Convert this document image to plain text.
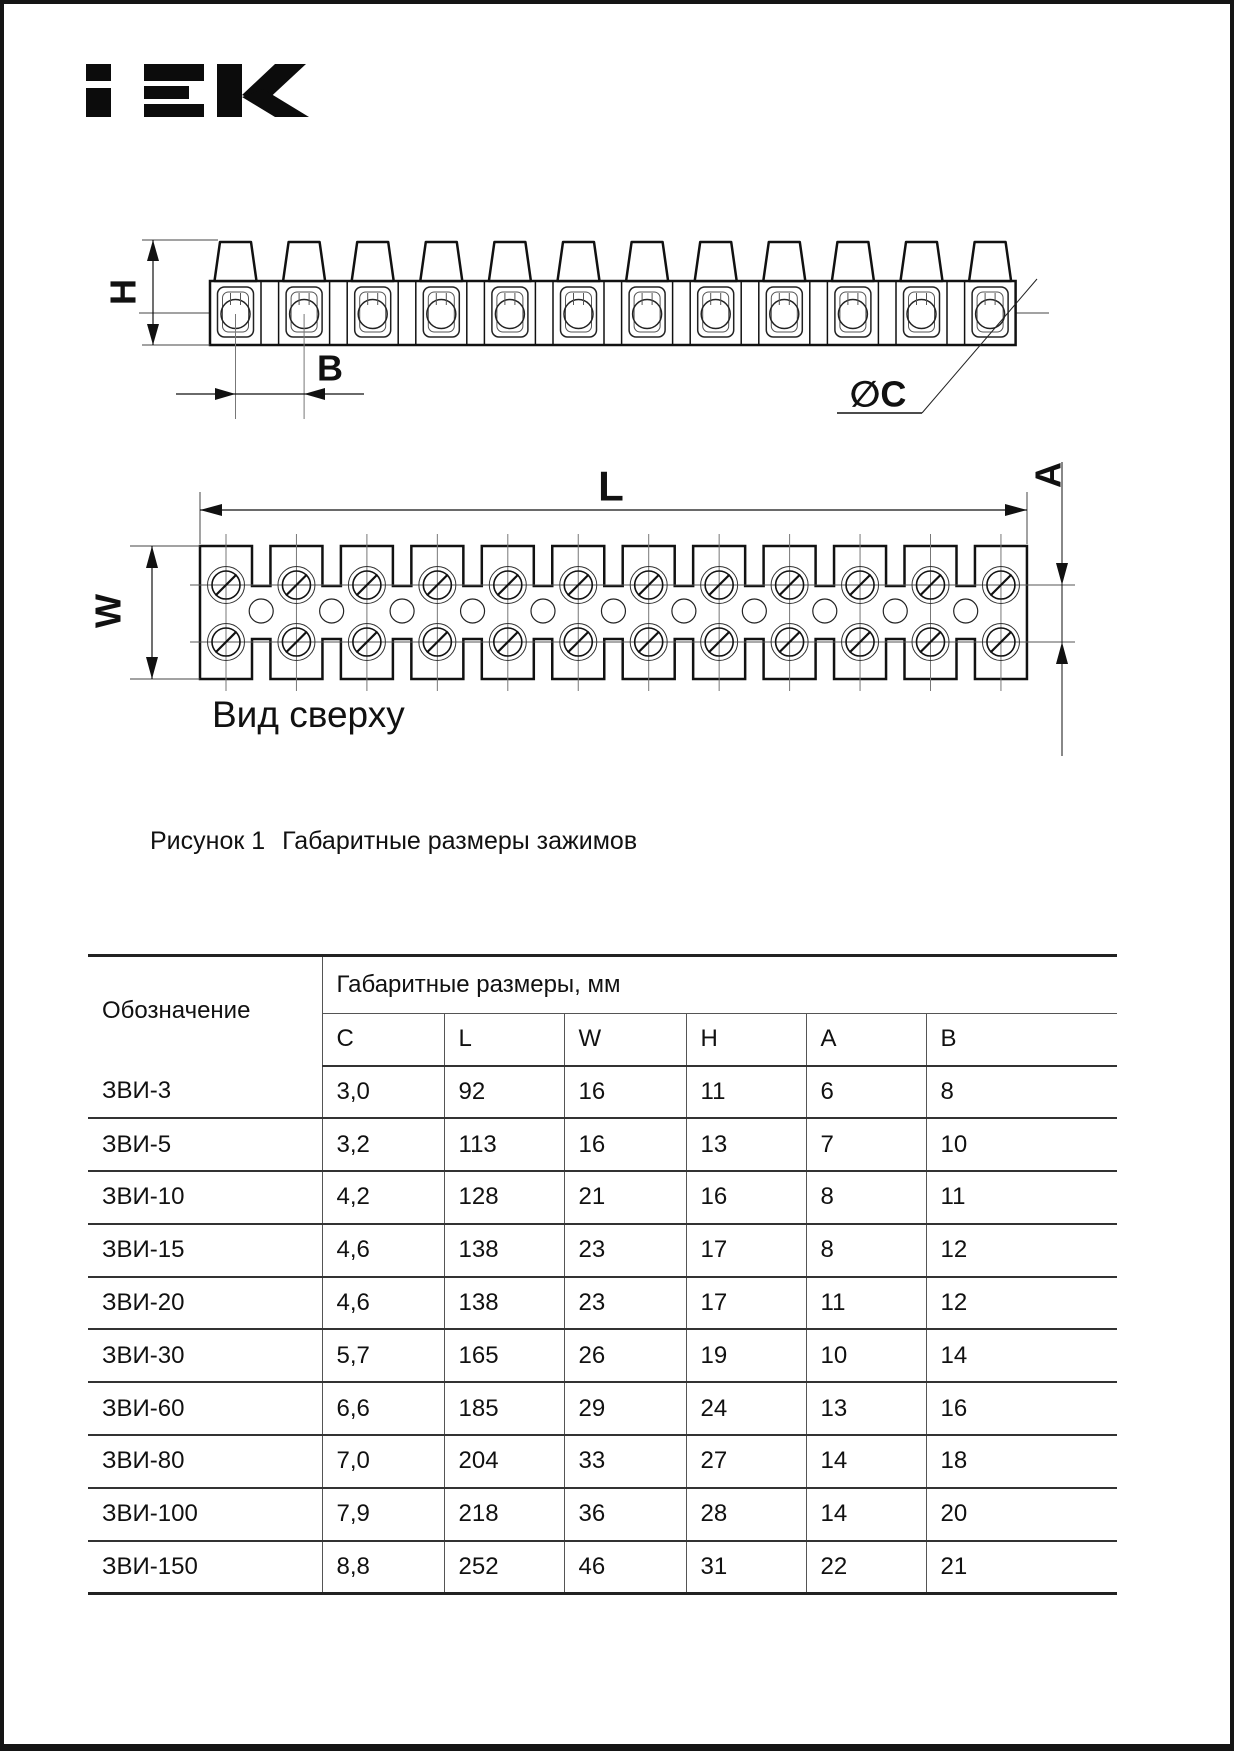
H
B
∅C
L	A
W
Вид сверху
Рисунок 1 Габаритные размеры зажимов
Обозначение	Габаритные размеры, мм					
	C	L	W	H	A	B
ЗВИ-3	3,0	92	16	11	6	8
ЗВИ-5	3,2	113	16	13	7	10
ЗВИ-10	4,2	128	21	16	8	11
ЗВИ-15	4,6	138	23	17	8	12
ЗВИ-20	4,6	138	23	17	11	12
ЗВИ-30	5,7	165	26	19	10	14
ЗВИ-60	6,6	185	29	24	13	16
ЗВИ-80	7,0	204	33	27	14	18
ЗВИ-100	7,9	218	36	28	14	20
ЗВИ-150	8,8	252	46	31	22	21
